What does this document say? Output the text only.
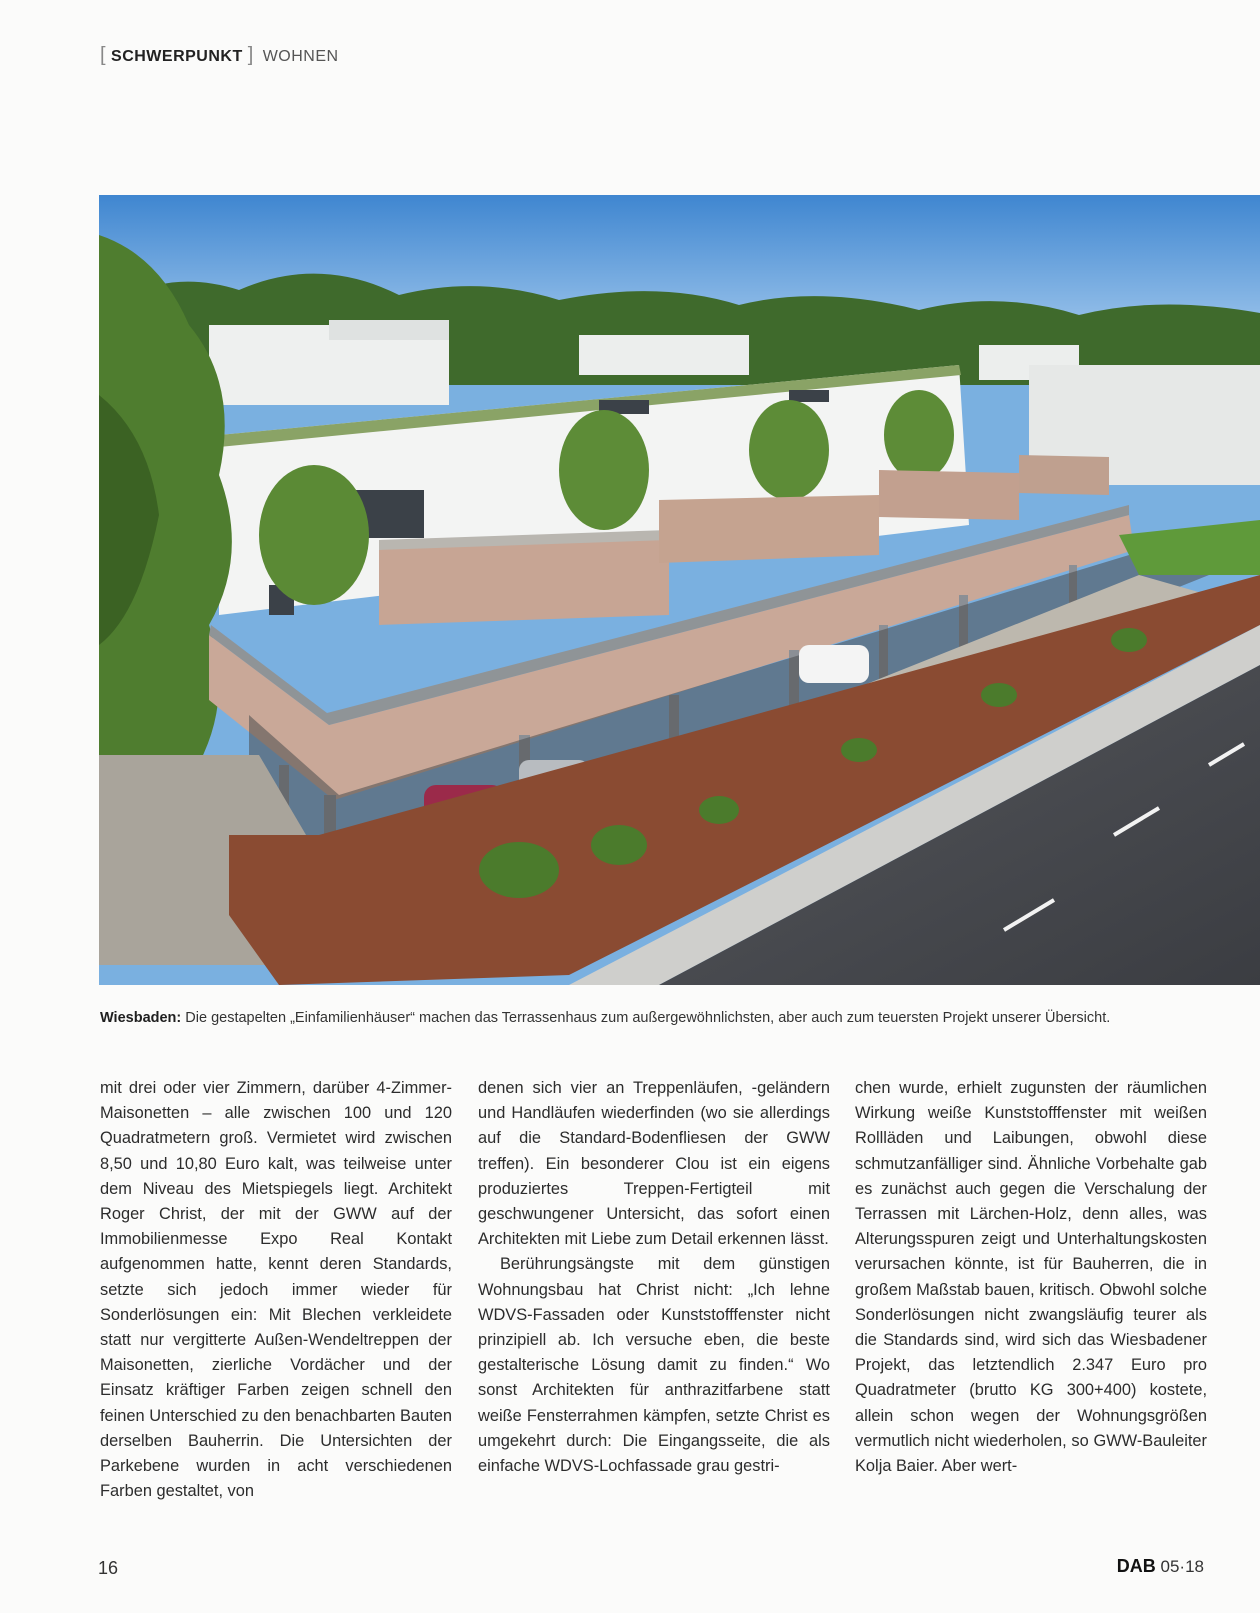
[ SCHWERPUNKT ] WOHNEN
Wiesbaden: Die gestapelten „Einfamilienhäuser“ machen das Terrassenhaus zum außergewöhnlichsten, aber auch zum teuersten Projekt unserer Übersicht.

mit drei oder vier Zimmern, darüber 4-Zimmer-Maisonetten – alle zwischen 100 und 120 Quadratmetern groß. Vermietet wird zwischen 8,50 und 10,80 Euro kalt, was teilweise unter dem Niveau des Mietspiegels liegt. Architekt Roger Christ, der mit der GWW auf der Immobilienmesse Expo Real Kontakt aufgenommen hatte, kennt deren Standards, setzte sich jedoch immer wieder für Sonderlösungen ein: Mit Blechen verkleidete statt nur vergitterte Außen-Wendeltreppen der Maisonetten, zierliche Vordächer und der Einsatz kräftiger Farben zeigen schnell den feinen Unterschied zu den benachbarten Bauten derselben Bauherrin. Die Untersichten der Parkebene wurden in acht verschiedenen Farben gestaltet, von

denen sich vier an Treppenläufen, -geländern und Handläufen wiederfinden (wo sie allerdings auf die Standard-Bodenfliesen der GWW treffen). Ein besonderer Clou ist ein eigens produziertes Treppen-Fertigteil mit geschwungener Untersicht, das sofort einen Architekten mit Liebe zum Detail erkennen lässt.

Berührungsängste mit dem günstigen Wohnungsbau hat Christ nicht: „Ich lehne WDVS-Fassaden oder Kunststofffenster nicht prinzipiell ab. Ich versuche eben, die beste gestalterische Lösung damit zu finden.“ Wo sonst Architekten für anthrazitfarbene statt weiße Fensterrahmen kämpfen, setzte Christ es umgekehrt durch: Die Eingangsseite, die als einfache WDVS-Lochfassade grau gestri-

chen wurde, erhielt zugunsten der räumlichen Wirkung weiße Kunststofffenster mit weißen Rollläden und Laibungen, obwohl diese schmutzanfälliger sind. Ähnliche Vorbehalte gab es zunächst auch gegen die Verschalung der Terrassen mit Lärchen-Holz, denn alles, was Alterungsspuren zeigt und Unterhaltungskosten verursachen könnte, ist für Bauherren, die in großem Maßstab bauen, kritisch. Obwohl solche Sonderlösungen nicht zwangsläufig teurer als die Standards sind, wird sich das Wiesbadener Projekt, das letztendlich 2.347 Euro pro Quadratmeter (brutto KG 300+400) kostete, allein schon wegen der Wohnungsgrößen vermutlich nicht wiederholen, so GWW-Bauleiter Kolja Baier. Aber wert-

16	DAB 05·18
